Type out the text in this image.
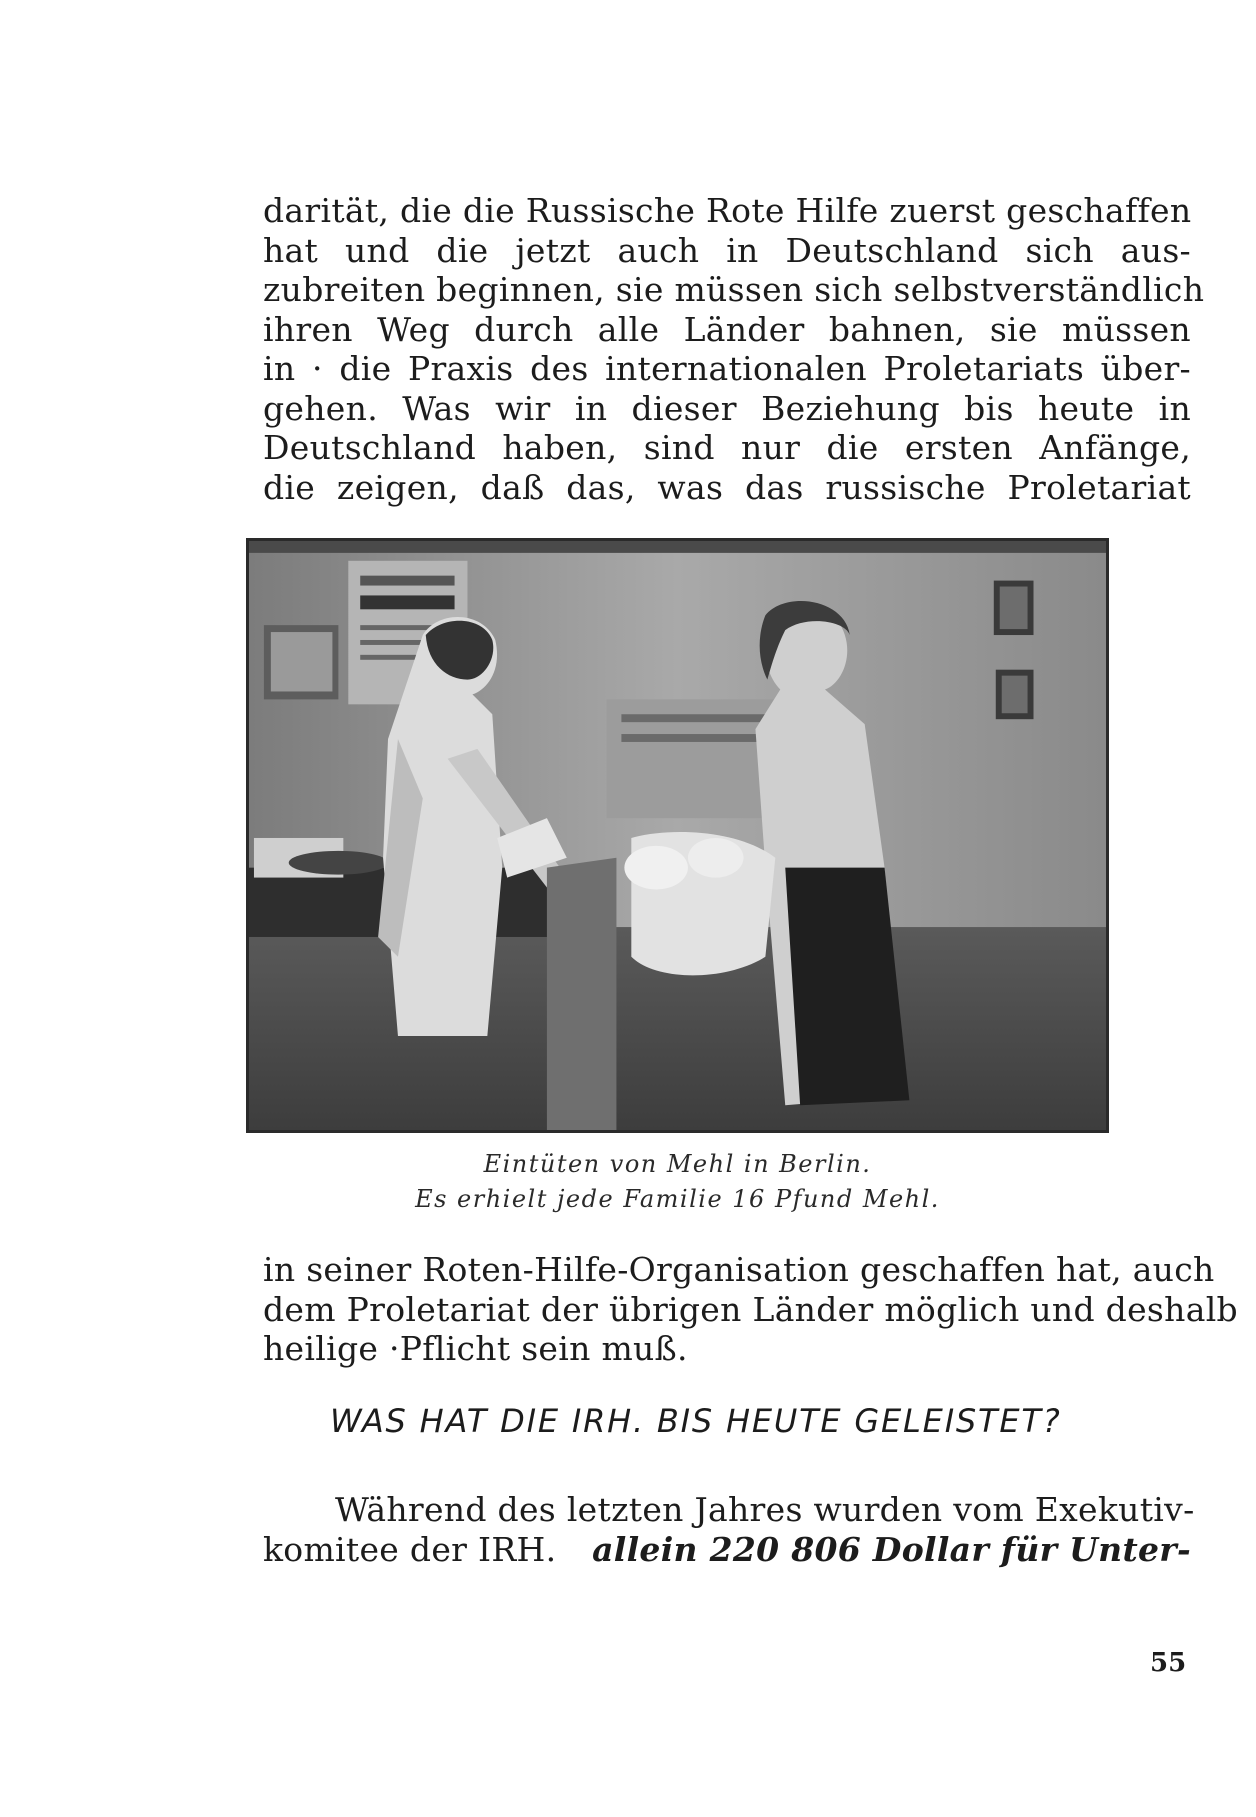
darität, die die Russische Rote Hilfe zuerst geschaffen
hat und die jetzt auch in Deutschland sich aus-
zubreiten beginnen, sie müssen sich selbstverständlich
ihren Weg durch alle Länder bahnen, sie müssen
in · die Praxis des internationalen Proletariats über-
gehen. Was wir in dieser Beziehung bis heute in
Deutschland haben, sind nur die ersten Anfänge,
die zeigen, daß das, was das russische Proletariat
Eintüten von Mehl in Berlin.
Es erhielt jede Familie 16 Pfund Mehl.
in seiner Roten-Hilfe-Organisation geschaffen hat, auch
dem Proletariat der übrigen Länder möglich und deshalb
heilige ·Pflicht sein muß.
WAS HAT DIE IRH. BIS HEUTE GELEISTET?
Während des letzten Jahres wurden vom Exekutiv-
komitee der IRH. allein 220 806 Dollar für Unter-
55
